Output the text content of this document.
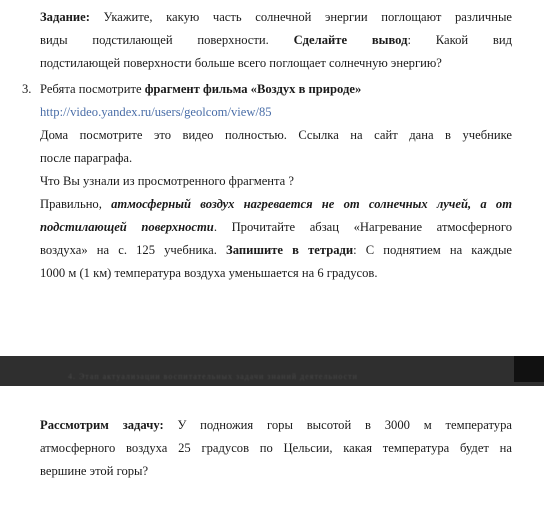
Задание: Укажите, какую часть солнечной энергии поглощают различные
виды подстилающей поверхности. Сделайте вывод: Какой вид
подстилающей поверхности больше всего поглощает солнечную энергию?
3. Ребята посмотрите фрагмент фильма «Воздух в природе»
http://video.yandex.ru/users/geolcom/view/85
Дома посмотрите это видео полностью. Ссылка на сайт дана в учебнике
после параграфа.
Что Вы узнали из просмотренного фрагмента ?
Правильно, атмосферный воздух нагревается не от солнечных лучей, а от
подстилающей поверхности. Прочитайте абзац «Нагревание атмосферного
воздуха» на с. 125 учебника. Запишите в тетради: С поднятием на каждые
1000 м (1 км) температура воздуха уменьшается на 6 градусов.
4. Этап актуализации воспитательных задачи знаний деятельности
Рассмотрим задачу: У подножия горы высотой в 3000 м температура
атмосферного воздуха 25 градусов по Цельсии, какая температура будет на
вершине этой горы?
